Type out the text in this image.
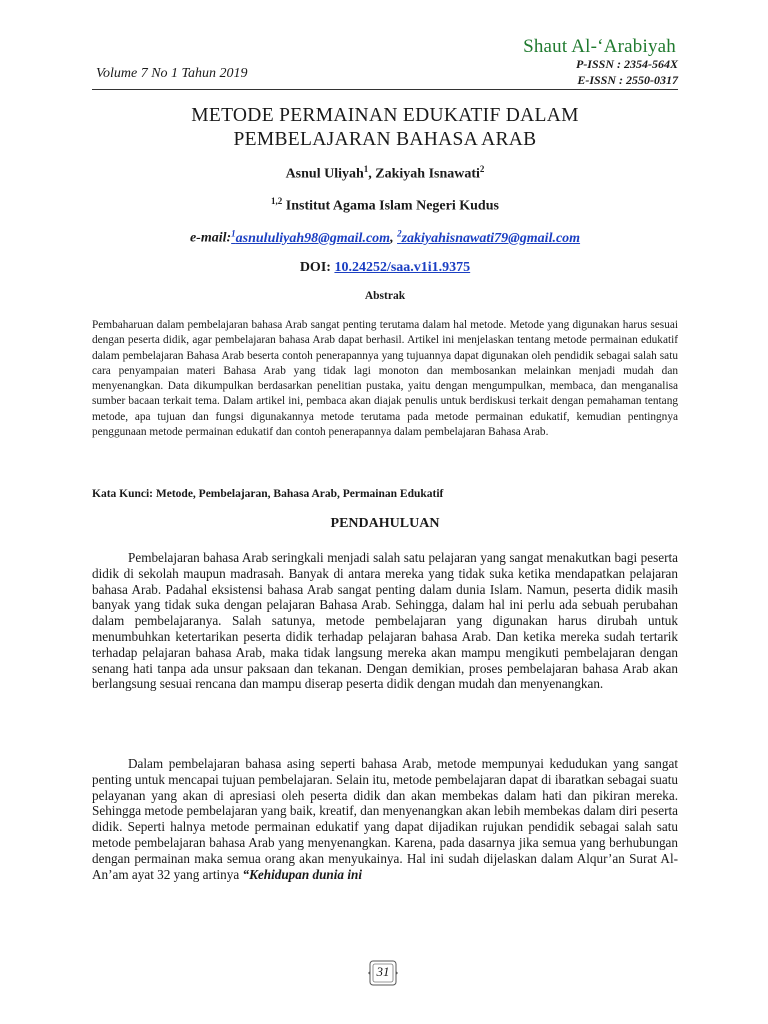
Shaut Al-‘Arabiyah
Volume 7 No 1 Tahun 2019
P-ISSN : 2354-564X
E-ISSN : 2550-0317
METODE PERMAINAN EDUKATIF DALAM
PEMBELAJARAN BAHASA ARAB
Asnul Uliyah$^1$, Zakiyah Isnawati$^2$
$^{1,2}$ Institut Agama Islam Negeri Kudus
e-mail:$^1$asnululiyah98@gmail.com, $^2$zakiyahisnawati79@gmail.com
DOI: 10.24252/saa.v1i1.9375
Abstrak
Pembaharuan dalam pembelajaran bahasa Arab sangat penting terutama dalam hal metode. Metode yang digunakan harus sesuai dengan peserta didik, agar pembelajaran bahasa Arab dapat berhasil. Artikel ini menjelaskan tentang metode permainan edukatif dalam pembelajaran Bahasa Arab beserta contoh penerapannya yang tujuannya dapat digunakan oleh pendidik sebagai salah satu cara penyampaian materi Bahasa Arab yang tidak lagi monoton dan membosankan melainkan menjadi mudah dan menyenangkan. Data dikumpulkan berdasarkan penelitian pustaka, yaitu dengan mengumpulkan, membaca, dan menganalisa sumber bacaan terkait tema. Dalam artikel ini, pembaca akan diajak penulis untuk berdiskusi terkait dengan pemahaman tentang metode, apa tujuan dan fungsi digunakannya metode terutama pada metode permainan edukatif, kemudian pentingnya penggunaan metode permainan edukatif dan contoh penerapannya dalam pembelajaran Bahasa Arab.
Kata Kunci: Metode, Pembelajaran, Bahasa Arab, Permainan Edukatif
PENDAHULUAN
Pembelajaran bahasa Arab seringkali menjadi salah satu pelajaran yang sangat menakutkan bagi peserta didik di sekolah maupun madrasah. Banyak di antara mereka yang tidak suka ketika mendapatkan pelajaran bahasa Arab. Padahal eksistensi bahasa Arab sangat penting dalam dunia Islam. Namun, peserta didik masih banyak yang tidak suka dengan pelajaran Bahasa Arab. Sehingga, dalam hal ini perlu ada sebuah perubahan dalam pembelajaranya. Salah satunya, metode pembelajaran yang digunakan harus dirubah untuk menumbuhkan ketertarikan peserta didik terhadap pelajaran bahasa Arab. Dan ketika mereka sudah tertarik terhadap pelajaran bahasa Arab, maka tidak langsung mereka akan mampu mengikuti pembelajaran dengan senang hati tanpa ada unsur paksaan dan tekanan. Dengan demikian, proses pembelajaran bahasa Arab akan berlangsung sesuai rencana dan mampu diserap peserta didik dengan mudah dan menyenangkan.
Dalam pembelajaran bahasa asing seperti bahasa Arab, metode mempunyai kedudukan yang sangat penting untuk mencapai tujuan pembelajaran. Selain itu, metode pembelajaran dapat di ibaratkan sebagai suatu pelayanan yang akan di apresiasi oleh peserta didik dan akan membekas dalam hati dan pikiran mereka. Sehingga metode pembelajaran yang baik, kreatif, dan menyenangkan akan lebih membekas dalam diri peserta didik. Seperti halnya metode permainan edukatif yang dapat dijadikan rujukan pendidik sebagai salah satu metode pembelajaran bahasa Arab yang menyenangkan. Karena, pada dasarnya jika semua yang berhubungan dengan permainan maka semua orang akan menyukainya. Hal ini sudah dijelaskan dalam Alqur’an Surat Al-An’am ayat 32 yang artinya “Kehidupan dunia ini
31
